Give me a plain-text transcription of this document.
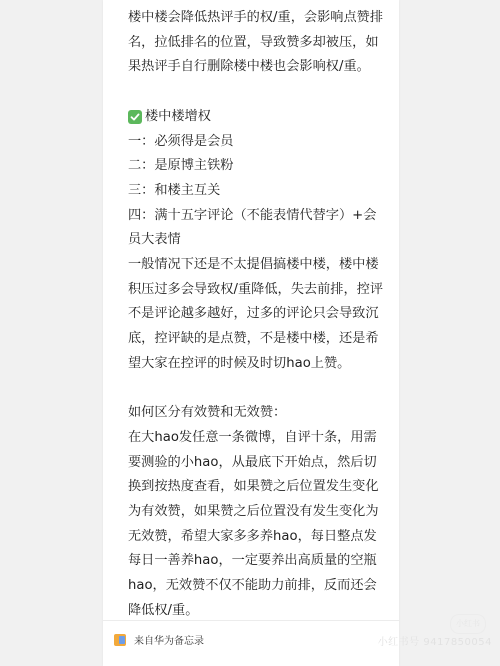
楼中楼会降低热评手的权/重，会影响点赞排

名，拉低排名的位置，导致赞多却被压，如

果热评手自行删除楼中楼也会影响权/重。

楼中楼增权

一：必须得是会员

二：是原博主铁粉

三：和楼主互关

四：满十五字评论（不能表情代替字）+会

员大表情

一般情况下还是不太提倡搞楼中楼，楼中楼

积压过多会导致权/重降低，失去前排，控评

不是评论越多越好，过多的评论只会导致沉

底，控评缺的是点赞，不是楼中楼，还是希

望大家在控评的时候及时切hao上赞。

如何区分有效赞和无效赞：

在大hao发任意一条微博，自评十条，用需

要测验的小hao，从最底下开始点，然后切

换到按热度查看，如果赞之后位置发生变化

为有效赞，如果赞之后位置没有发生变化为

无效赞，希望大家多多养hao，每日整点发

每日一善养hao，一定要养出高质量的空瓶

hao，无效赞不仅不能助力前排，反而还会

降低权/重。

来自华为备忘录
小红书
小红书号 9417850054
